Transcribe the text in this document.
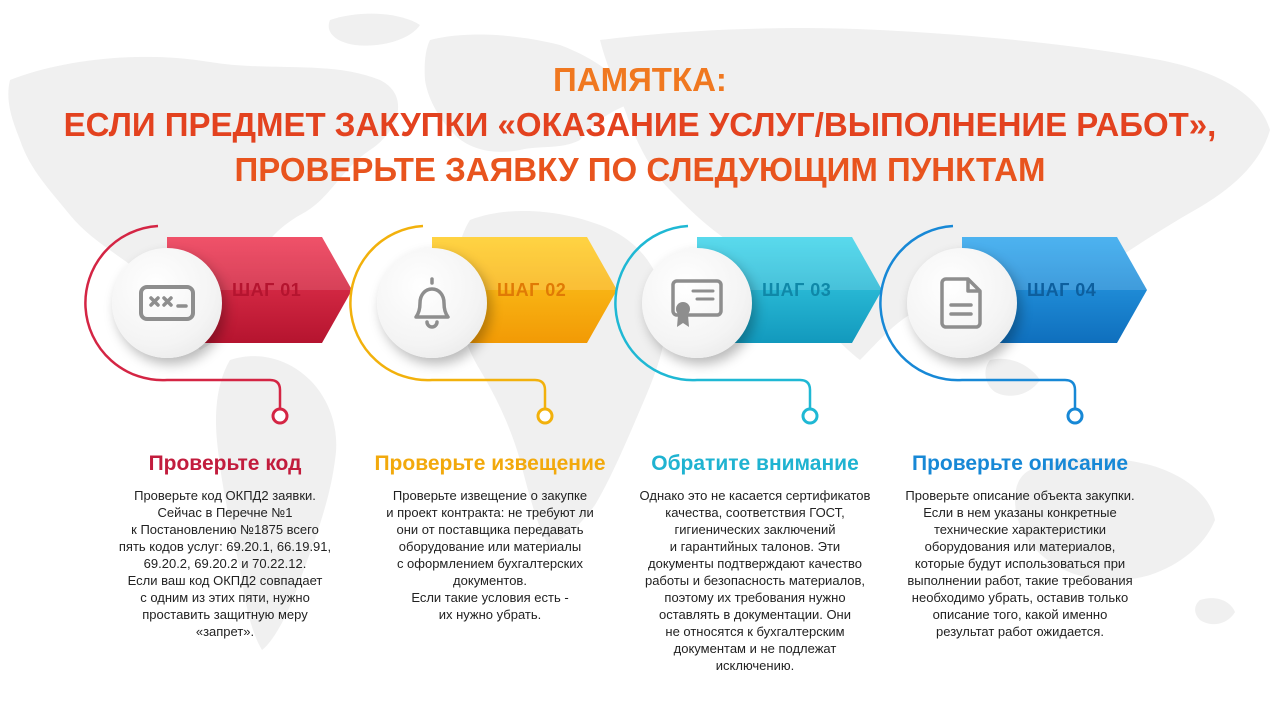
ПАМЯТКА:
ЕСЛИ ПРЕДМЕТ ЗАКУПКИ «ОКАЗАНИЕ УСЛУГ/ВЫПОЛНЕНИЕ РАБОТ»,
ПРОВЕРЬТЕ ЗАЯВКУ ПО СЛЕДУЮЩИМ ПУНКТАМ
ШАГ 01
Проверьте код
Проверьте код ОКПД2 заявки.
Сейчас в Перечне №1
к Постановлению №1875 всего
пять кодов услуг: 69.20.1, 66.19.91,
69.20.2, 69.20.2 и 70.22.12.
Если ваш код ОКПД2 совпадает
с одним из этих пяти, нужно
проставить защитную меру
«запрет».
ШАГ 02
Проверьте извещение
Проверьте извещение о закупке
и проект контракта: не требуют ли
они от поставщика передавать
оборудование или материалы
с оформлением бухгалтерских
документов.
Если такие условия есть -
их нужно убрать.
ШАГ 03
Обратите внимание
Однако это не касается сертификатов
качества, соответствия ГОСТ,
гигиенических заключений
и гарантийных талонов. Эти
документы подтверждают качество
работы и безопасность материалов,
поэтому их требования нужно
оставлять в документации. Они
не относятся к бухгалтерским
документам и не подлежат
исключению.
ШАГ 04
Проверьте описание
Проверьте описание объекта закупки.
Если в нем указаны конкретные
технические характеристики
оборудования или материалов,
которые будут использоваться при
выполнении работ, такие требования
необходимо убрать, оставив только
описание того, какой именно
результат работ ожидается.
